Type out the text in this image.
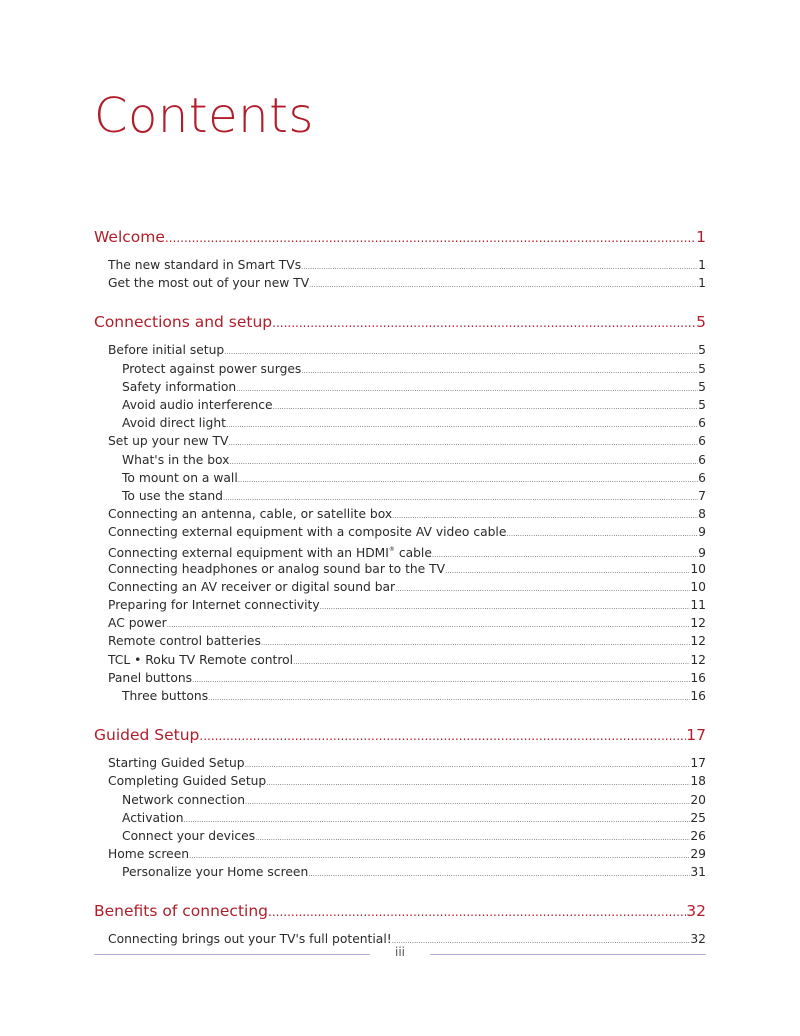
Contents
Welcome .....	1
The new standard in Smart TVs .....	1
Get the most out of your new TV .....	1
Connections and setup .....	5
Before initial setup .....	5
Protect against power surges .....	5
Safety information .....	5
Avoid audio interference .....	5
Avoid direct light .....	6
Set up your new TV .....	6
What's in the box .....	6
To mount on a wall .....	6
To use the stand .....	7
Connecting an antenna, cable, or satellite box .....	8
Connecting external equipment with a composite AV video cable .....	9
Connecting external equipment with an HDMI® cable .....	9
Connecting headphones or analog sound bar to the TV .....	10
Connecting an AV receiver or digital sound bar .....	10
Preparing for Internet connectivity .....	11
AC power .....	12
Remote control batteries .....	12
TCL • Roku TV Remote control .....	12
Panel buttons .....	16
Three buttons .....	16
Guided Setup .....	17
Starting Guided Setup .....	17
Completing Guided Setup .....	18
Network connection .....	20
Activation .....	25
Connect your devices .....	26
Home screen .....	29
Personalize your Home screen .....	31
Benefits of connecting .....	32
Connecting brings out your TV's full potential! .....	32
iii
